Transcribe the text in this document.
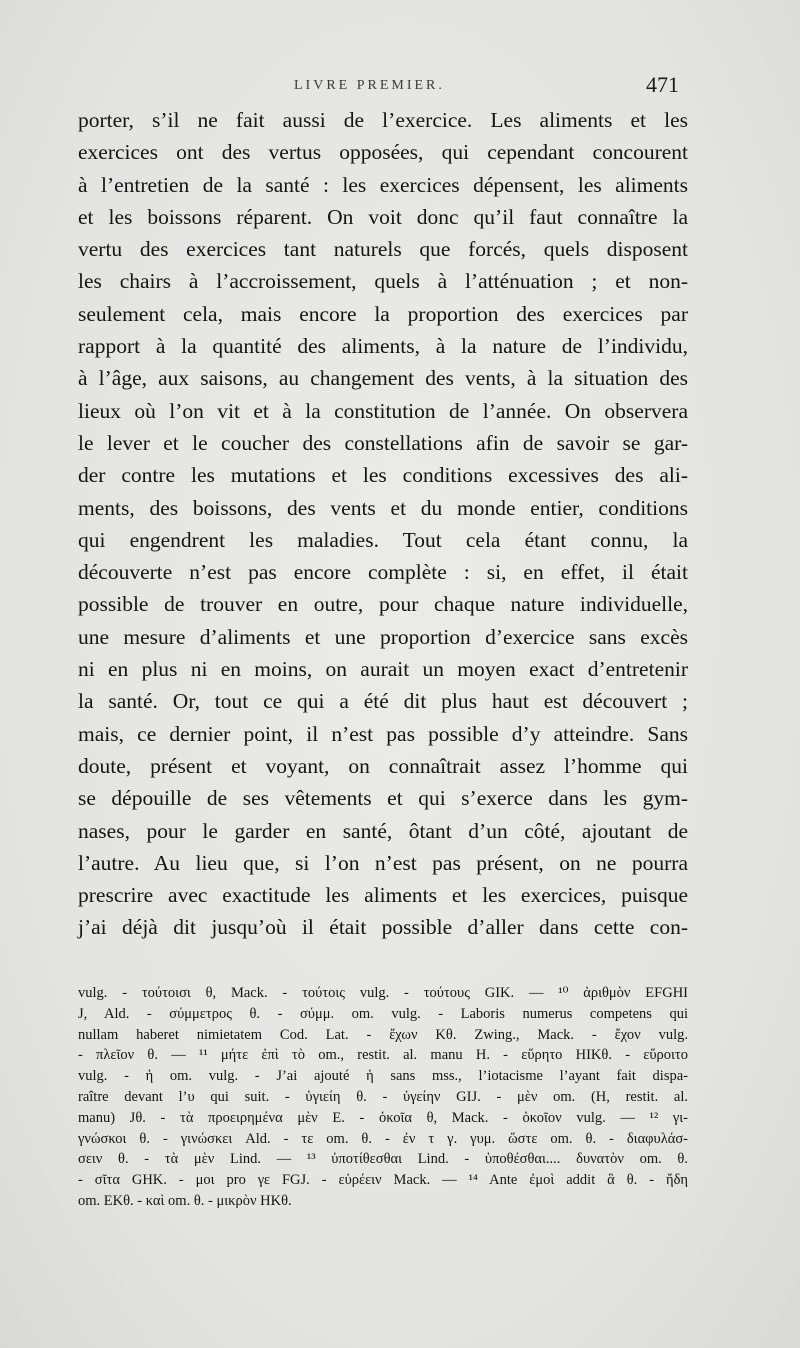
LIVRE PREMIER.	471
porter, s’il ne fait aussi de l’exercice. Les aliments et les
exercices ont des vertus opposées, qui cependant concourent
à l’entretien de la santé : les exercices dépensent, les aliments
et les boissons réparent. On voit donc qu’il faut connaître la
vertu des exercices tant naturels que forcés, quels disposent
les chairs à l’accroissement, quels à l’atténuation ; et non-
seulement cela, mais encore la proportion des exercices par
rapport à la quantité des aliments, à la nature de l’individu,
à l’âge, aux saisons, au changement des vents, à la situation des
lieux où l’on vit et à la constitution de l’année. On observera
le lever et le coucher des constellations afin de savoir se gar-
der contre les mutations et les conditions excessives des ali-
ments, des boissons, des vents et du monde entier, conditions
qui engendrent les maladies. Tout cela étant connu, la
découverte n’est pas encore complète : si, en effet, il était
possible de trouver en outre, pour chaque nature individuelle,
une mesure d’aliments et une proportion d’exercice sans excès
ni en plus ni en moins, on aurait un moyen exact d’entretenir
la santé. Or, tout ce qui a été dit plus haut est découvert ;
mais, ce dernier point, il n’est pas possible d’y atteindre. Sans
doute, présent et voyant, on connaîtrait assez l’homme qui
se dépouille de ses vêtements et qui s’exerce dans les gym-
nases, pour le garder en santé, ôtant d’un côté, ajoutant de
l’autre. Au lieu que, si l’on n’est pas présent, on ne pourra
prescrire avec exactitude les aliments et les exercices, puisque
j’ai déjà dit jusqu’où il était possible d’aller dans cette con-
vulg. - τούτοισι θ, Mack. - τούτοις vulg. - τούτους GIK. — ¹⁰ ἀριθμὸν EFGHI
J, Ald. - σύμμετρος θ. - σύμμ. om. vulg. - Laboris numerus competens qui
nullam haberet nimietatem Cod. Lat. - ἔχων Kθ. Zwing., Mack. - ἔχον vulg.
- πλεῖον θ. — ¹¹ μήτε ἐπὶ τὸ om., restit. al. manu H. - εὕρητο HIKθ. - εὕροιτο
vulg. - ἡ om. vulg. - J’ai ajouté ἡ sans mss., l’iotacisme l’ayant fait dispa-
raître devant l’υ qui suit. - ὑγιείη θ. - ὑγείην GIJ. - μὲν om. (H, restit. al.
manu) Jθ. - τὰ προειρημένα μὲν E. - ὁκοῖα θ, Mack. - ὁκοῖον vulg. — ¹² γι-
γνώσκοι θ. - γινώσκει Ald. - τε om. θ. - ἐν τ γ. γυμ. ὥστε om. θ. - διαφυλάσ-
σειν θ. - τὰ μὲν Lind. — ¹³ ὑποτίθεσθαι Lind. - ὑποθέσθαι.... δυνατὸν om. θ.
- σῖτα GHK. - μοι pro γε FGJ. - εὑρέειν Mack. — ¹⁴ Ante ἐμοὶ addit ἃ θ. - ἤδη
om. EKθ. - καὶ om. θ. - μικρὸν HKθ.
